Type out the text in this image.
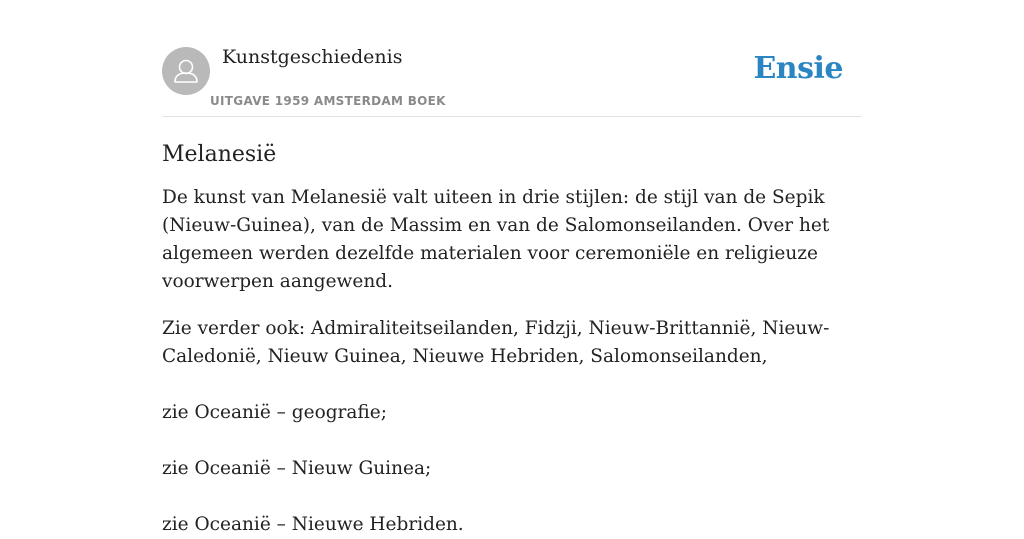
Kunstgeschiedenis
UITGAVE 1959 AMSTERDAM BOEK
Ensie
Melanesië

De kunst van Melanesië valt uiteen in drie stijlen: de stijl van de Sepik (Nieuw-Guinea), van de Massim en van de Salomonseilanden. Over het algemeen werden dezelfde materialen voor ceremoniële en religieuze voorwerpen aangewend.

Zie verder ook: Admiraliteitseilanden, Fidzji, Nieuw-Brittannië, Nieuw-Caledonië, Nieuw Guinea, Nieuwe Hebriden, Salomonseilanden,

zie Oceanië – geografie;

zie Oceanië – Nieuw Guinea;

zie Oceanië – Nieuwe Hebriden.
